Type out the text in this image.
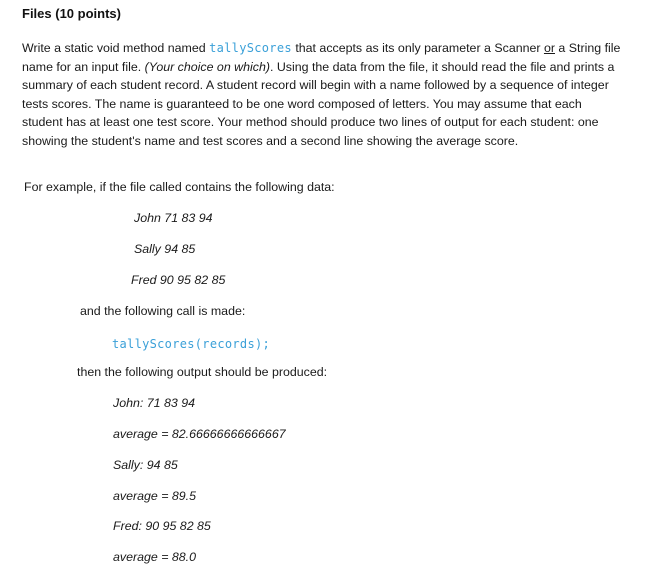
Files (10 points)
Write a static void method named tallyScores that accepts as its only parameter a Scanner or a String file name for an input file. (Your choice on which). Using the data from the file, it should read the file and prints a summary of each student record. A student record will begin with a name followed by a sequence of integer tests scores. The name is guaranteed to be one word composed of letters. You may assume that each student has at least one test score. Your method should produce two lines of output for each student: one showing the student's name and test scores and a second line showing the average score.
For example, if the file called contains the following data:
John 71 83 94
Sally 94 85
Fred 90 95 82 85
and the following call is made:
tallyScores(records);
then the following output should be produced:
John: 71 83 94
average = 82.66666666666667
Sally: 94 85
average = 89.5
Fred: 90 95 82 85
average = 88.0
